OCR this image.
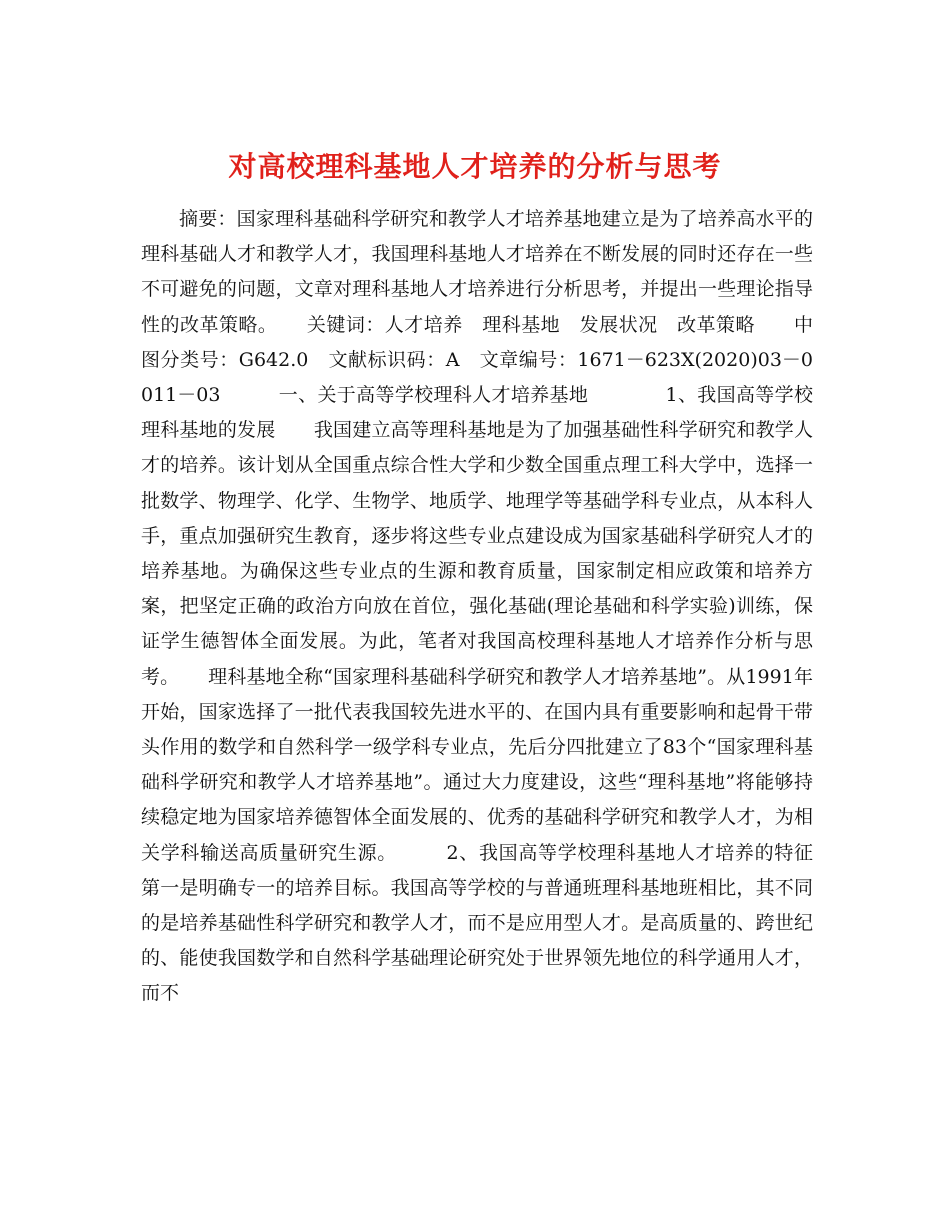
对高校理科基地人才培养的分析与思考

摘要：国家理科基础科学研究和教学人才培养基地建立是为了培养高水平的理科基础人才和教学人才，我国理科基地人才培养在不断发展的同时还存在一些不可避免的问题，文章对理科基地人才培养进行分析思考，并提出一些理论指导性的改革策略。　　关键词：人才培养　理科基地　发展状况　改革策略　　中图分类号：G642.0　文献标识码：A　文章编号：1671－623X(2020)03－0011－03　　　一、关于高等学校理科人才培养基地　　　　1、我国高等学校理科基地的发展　　我国建立高等理科基地是为了加强基础性科学研究和教学人才的培养。该计划从全国重点综合性大学和少数全国重点理工科大学中，选择一批数学、物理学、化学、生物学、地质学、地理学等基础学科专业点，从本科人手，重点加强研究生教育，逐步将这些专业点建设成为国家基础科学研究人才的培养基地。为确保这些专业点的生源和教育质量，国家制定相应政策和培养方案，把坚定正确的政治方向放在首位，强化基础(理论基础和科学实验)训练，保证学生德智体全面发展。为此，笔者对我国高校理科基地人才培养作分析与思考。　　理科基地全称“国家理科基础科学研究和教学人才培养基地”。从1991年开始，国家选择了一批代表我国较先进水平的、在国内具有重要影响和起骨干带头作用的数学和自然科学一级学科专业点，先后分四批建立了83个“国家理科基础科学研究和教学人才培养基地”。通过大力度建设，这些“理科基地”将能够持续稳定地为国家培养德智体全面发展的、优秀的基础科学研究和教学人才，为相关学科输送高质量研究生源。　　　2、我国高等学校理科基地人才培养的特征　　第一是明确专一的培养目标。我国高等学校的与普通班理科基地班相比，其不同的是培养基础性科学研究和教学人才，而不是应用型人才。是高质量的、跨世纪的、能使我国数学和自然科学基础理论研究处于世界领先地位的科学通用人才，而不
